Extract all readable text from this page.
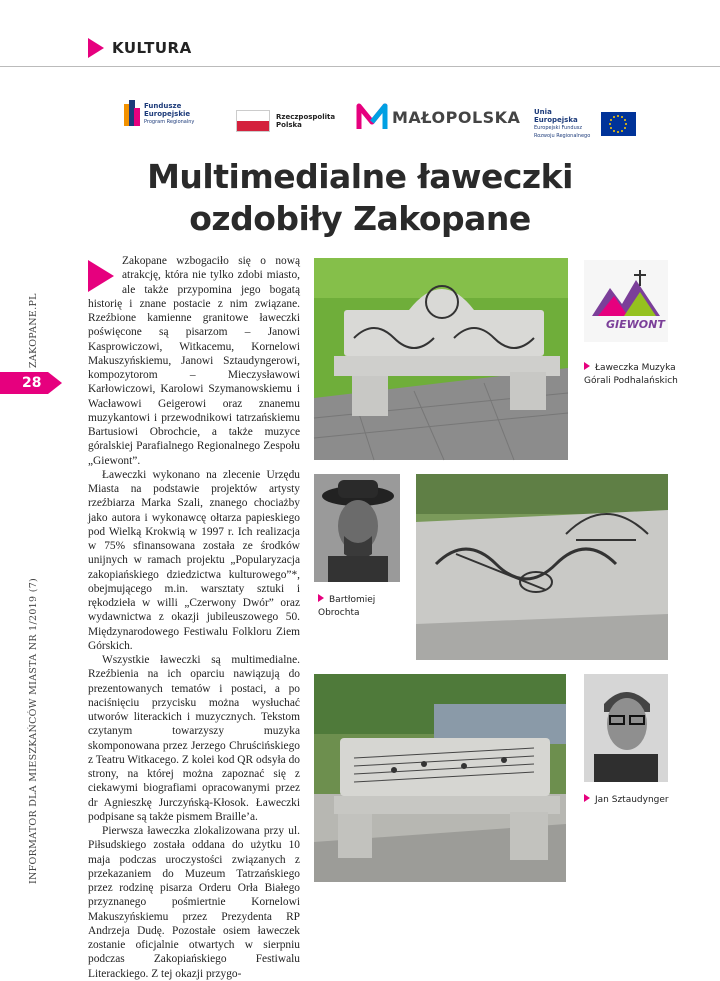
KULTURA
Fundusze
Europejskie
Program Regionalny
Rzeczpospolita
Polska	MAŁOPOLSKA Unia Europejska
Europejski Fundusz
Rozwoju Regionalnego
Multimedialne ławeczki
ozdobiły Zakopane
INFORMATOR DLA MIESZKAŃCÓW MIASTA NR 1/2019 (7)
ZAKOPANE.PL
28

Zakopane wzbogaciło się o nową atrakcję, która nie tylko zdobi miasto, ale także przypomina jego bogatą historię i znane postacie z nim związane. Rzeźbione kamienne granitowe ławeczki poświęcone są pisarzom – Janowi Kasprowiczowi, Witkacemu, Kornelowi Makuszyńskiemu, Janowi Sztaudyngerowi, kompozytorom – Mieczysławowi Karłowiczowi, Karolowi Szymanowskiemu i Wacławowi Geigerowi oraz znanemu muzykantowi i przewodnikowi tatrzańskiemu Bartusiowi Obrochcie, a także muzyce góralskiej Parafialnego Regionalnego Zespołu „Giewont”.

Ławeczki wykonano na zlecenie Urzędu Miasta na podstawie projektów artysty rzeźbiarza Marka Szali, znanego chociażby jako autora i wykonawcę ołtarza papieskiego pod Wielką Krokwią w 1997 r. Ich realizacja w 75% sfinansowana została ze środków unijnych w ramach projektu „Popularyzacja zakopiańskiego dziedzictwa kulturowego”*, obejmującego m.in. warsztaty sztuki i rękodzieła w willi „Czerwony Dwór” oraz wydawnictwa z okazji jubileuszowego 50. Międzynarodowego Festiwalu Folkloru Ziem Górskich.

Wszystkie ławeczki są multimedialne. Rzeźbienia na ich oparciu nawiązują do prezentowanych tematów i postaci, a po naciśnięciu przycisku można wysłuchać utworów literackich i muzycznych. Tekstom czytanym towarzyszy muzyka skomponowana przez Jerzego Chruścińskiego z Teatru Witkacego. Z kolei kod QR odsyła do strony, na której można zapoznać się z ciekawymi biografiami opracowanymi przez dr Agnieszkę Jurczyńską-Kłosok. Ławeczki podpisane są także pismem Braille’a.

Pierwsza ławeczka zlokalizowana przy ul. Piłsudskiego została oddana do użytku 10 maja podczas uroczystości związanych z przekazaniem do Muzeum Tatrzańskiego przez rodzinę pisarza Orderu Orła Białego przyznanego pośmiertnie Kornelowi Makuszyńskiemu przez Prezydenta RP Andrzeja Dudę. Pozostałe osiem ławeczek zostanie oficjalnie otwartych w sierpniu podczas Zakopiańskiego Festiwalu Literackiego. Z tej okazji przygo-

GIEWONT
Ławeczka Muzyka Górali Podhalańskich
Bartłomiej Obrochta
Jan Sztaudynger
